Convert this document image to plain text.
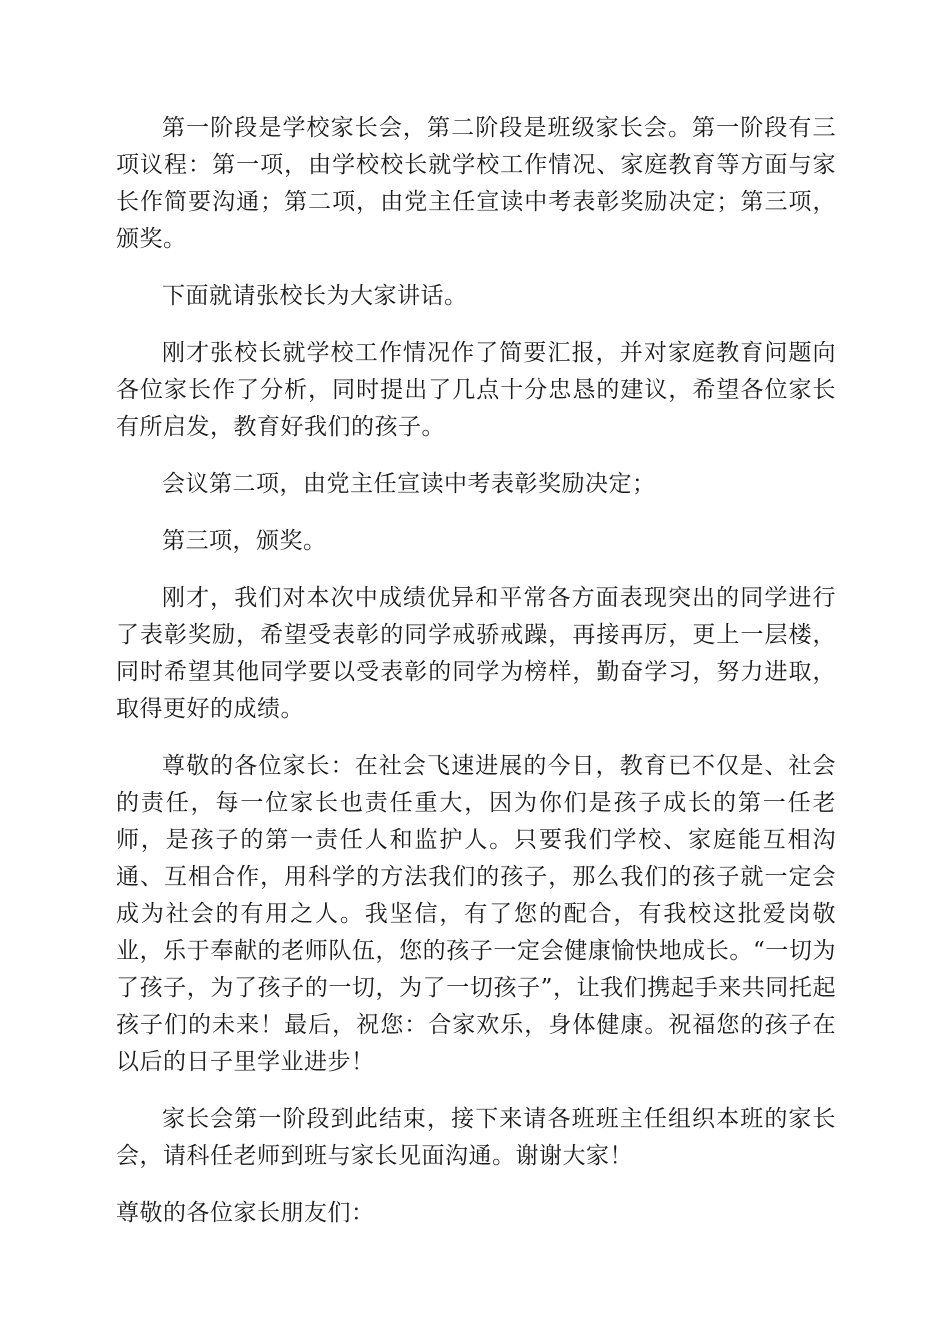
第一阶段是学校家长会，第二阶段是班级家长会。第一阶段有三项议程：第一项，由学校校长就学校工作情况、家庭教育等方面与家长作简要沟通；第二项，由党主任宣读中考表彰奖励决定；第三项，颁奖。

下面就请张校长为大家讲话。

刚才张校长就学校工作情况作了简要汇报，并对家庭教育问题向各位家长作了分析，同时提出了几点十分忠恳的建议，希望各位家长有所启发，教育好我们的孩子。

会议第二项，由党主任宣读中考表彰奖励决定；

第三项，颁奖。

刚才，我们对本次中成绩优异和平常各方面表现突出的同学进行了表彰奖励，希望受表彰的同学戒骄戒躁，再接再厉，更上一层楼，同时希望其他同学要以受表彰的同学为榜样，勤奋学习，努力进取，取得更好的成绩。

尊敬的各位家长：在社会飞速进展的今日，教育已不仅是、社会的责任，每一位家长也责任重大，因为你们是孩子成长的第一任老师，是孩子的第一责任人和监护人。只要我们学校、家庭能互相沟通、互相合作，用科学的方法我们的孩子，那么我们的孩子就一定会成为社会的有用之人。我坚信，有了您的配合，有我校这批爱岗敬业，乐于奉献的老师队伍，您的孩子一定会健康愉快地成长。“一切为了孩子，为了孩子的一切，为了一切孩子”，让我们携起手来共同托起孩子们的未来！最后，祝您：合家欢乐，身体健康。祝福您的孩子在以后的日子里学业进步！

家长会第一阶段到此结束，接下来请各班班主任组织本班的家长会，请科任老师到班与家长见面沟通。谢谢大家！

尊敬的各位家长朋友们：
